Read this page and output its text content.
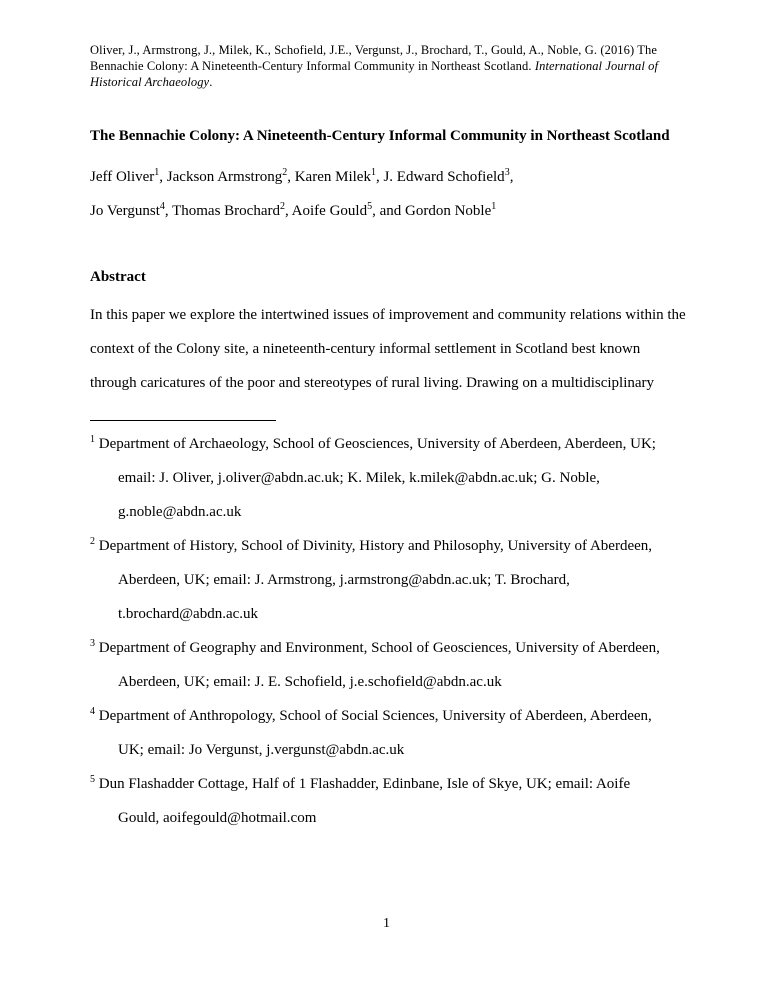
Oliver, J., Armstrong, J., Milek, K., Schofield, J.E., Vergunst, J., Brochard, T., Gould, A., Noble, G. (2016) The Bennachie Colony: A Nineteenth-Century Informal Community in Northeast Scotland. International Journal of Historical Archaeology.
The Bennachie Colony: A Nineteenth-Century Informal Community in Northeast Scotland
Jeff Oliver$^1$, Jackson Armstrong$^2$, Karen Milek$^1$, J. Edward Schofield$^3$,
Jo Vergunst$^4$, Thomas Brochard$^2$, Aoife Gould$^5$, and Gordon Noble$^1$
Abstract
In this paper we explore the intertwined issues of improvement and community relations within the context of the Colony site, a nineteenth-century informal settlement in Scotland best known through caricatures of the poor and stereotypes of rural living. Drawing on a multidisciplinary
$^1$ Department of Archaeology, School of Geosciences, University of Aberdeen, Aberdeen, UK;
email: J. Oliver, j.oliver@abdn.ac.uk; K. Milek, k.milek@abdn.ac.uk; G. Noble,
g.noble@abdn.ac.uk
$^2$ Department of History, School of Divinity, History and Philosophy, University of Aberdeen,
Aberdeen, UK; email: J. Armstrong, j.armstrong@abdn.ac.uk; T. Brochard,
t.brochard@abdn.ac.uk
$^3$ Department of Geography and Environment, School of Geosciences, University of Aberdeen,
Aberdeen, UK; email: J. E. Schofield, j.e.schofield@abdn.ac.uk
$^4$ Department of Anthropology, School of Social Sciences, University of Aberdeen, Aberdeen,
UK; email: Jo Vergunst, j.vergunst@abdn.ac.uk
$^5$ Dun Flashadder Cottage, Half of 1 Flashadder, Edinbane, Isle of Skye, UK; email: Aoife
Gould, aoifegould@hotmail.com
1
